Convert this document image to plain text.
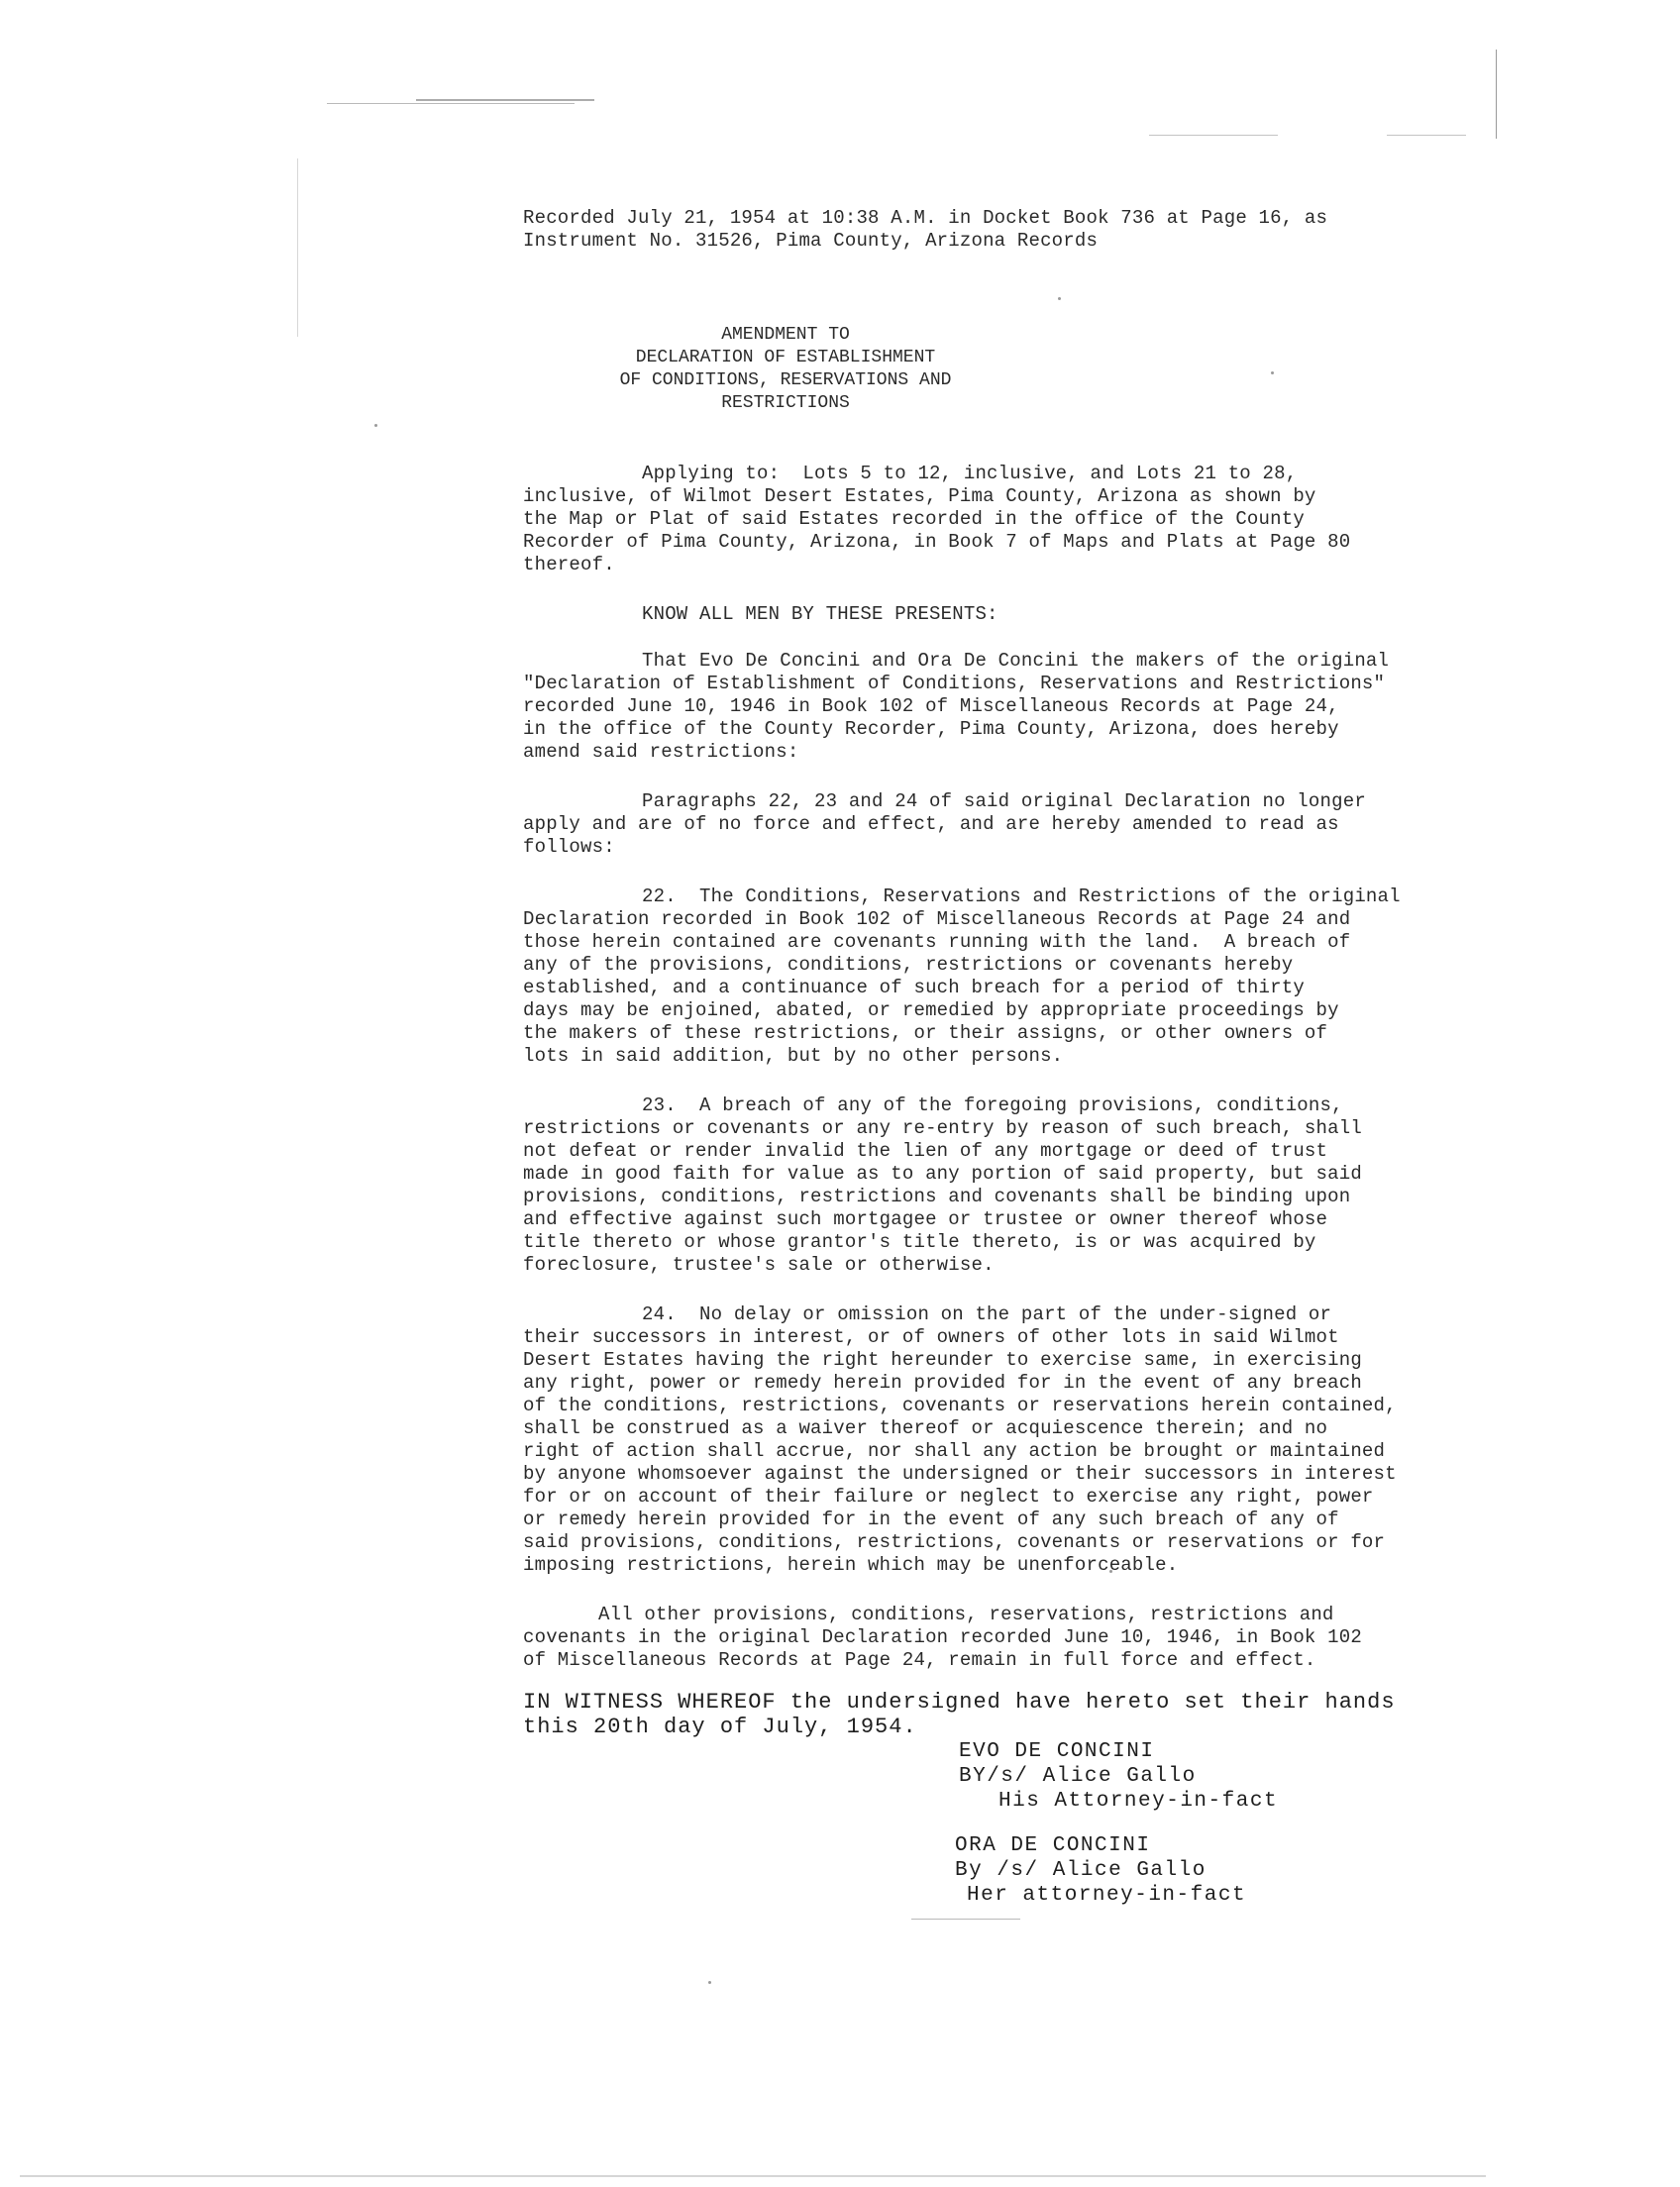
Recorded July 21, 1954 at 10:38 A.M. in Docket Book 736 at Page 16, as
Instrument No. 31526, Pima County, Arizona Records
AMENDMENT TO
DECLARATION OF ESTABLISHMENT
OF CONDITIONS, RESERVATIONS AND
RESTRICTIONS
Applying to:  Lots 5 to 12, inclusive, and Lots 21 to 28,
inclusive, of Wilmot Desert Estates, Pima County, Arizona as shown by
the Map or Plat of said Estates recorded in the office of the County
Recorder of Pima County, Arizona, in Book 7 of Maps and Plats at Page 80
thereof.
KNOW ALL MEN BY THESE PRESENTS:
That Evo De Concini and Ora De Concini the makers of the original
"Declaration of Establishment of Conditions, Reservations and Restrictions"
recorded June 10, 1946 in Book 102 of Miscellaneous Records at Page 24,
in the office of the County Recorder, Pima County, Arizona, does hereby
amend said restrictions:
Paragraphs 22, 23 and 24 of said original Declaration no longer
apply and are of no force and effect, and are hereby amended to read as
follows:
22.  The Conditions, Reservations and Restrictions of the original
Declaration recorded in Book 102 of Miscellaneous Records at Page 24 and
those herein contained are covenants running with the land.  A breach of
any of the provisions, conditions, restrictions or covenants hereby
established, and a continuance of such breach for a period of thirty
days may be enjoined, abated, or remedied by appropriate proceedings by
the makers of these restrictions, or their assigns, or other owners of
lots in said addition, but by no other persons.
23.  A breach of any of the foregoing provisions, conditions,
restrictions or covenants or any re-entry by reason of such breach, shall
not defeat or render invalid the lien of any mortgage or deed of trust
made in good faith for value as to any portion of said property, but said
provisions, conditions, restrictions and covenants shall be binding upon
and effective against such mortgagee or trustee or owner thereof whose
title thereto or whose grantor's title thereto, is or was acquired by
foreclosure, trustee's sale or otherwise.
24.  No delay or omission on the part of the under-signed or
their successors in interest, or of owners of other lots in said Wilmot
Desert Estates having the right hereunder to exercise same, in exercising
any right, power or remedy herein provided for in the event of any breach
of the conditions, restrictions, covenants or reservations herein contained,
shall be construed as a waiver thereof or acquiescence therein; and no
right of action shall accrue, nor shall any action be brought or maintained
by anyone whomsoever against the undersigned or their successors in interest
for or on account of their failure or neglect to exercise any right, power
or remedy herein provided for in the event of any such breach of any of
said provisions, conditions, restrictions, covenants or reservations or for
imposing restrictions, herein which may be unenforceable.
All other provisions, conditions, reservations, restrictions and
covenants in the original Declaration recorded June 10, 1946, in Book 102
of Miscellaneous Records at Page 24, remain in full force and effect.
IN WITNESS WHEREOF the undersigned have hereto set their hands
this 20th day of July, 1954.
EVO DE CONCINI
BY/s/ Alice Gallo
His Attorney-in-fact
ORA DE CONCINI
By /s/ Alice Gallo
Her attorney-in-fact
